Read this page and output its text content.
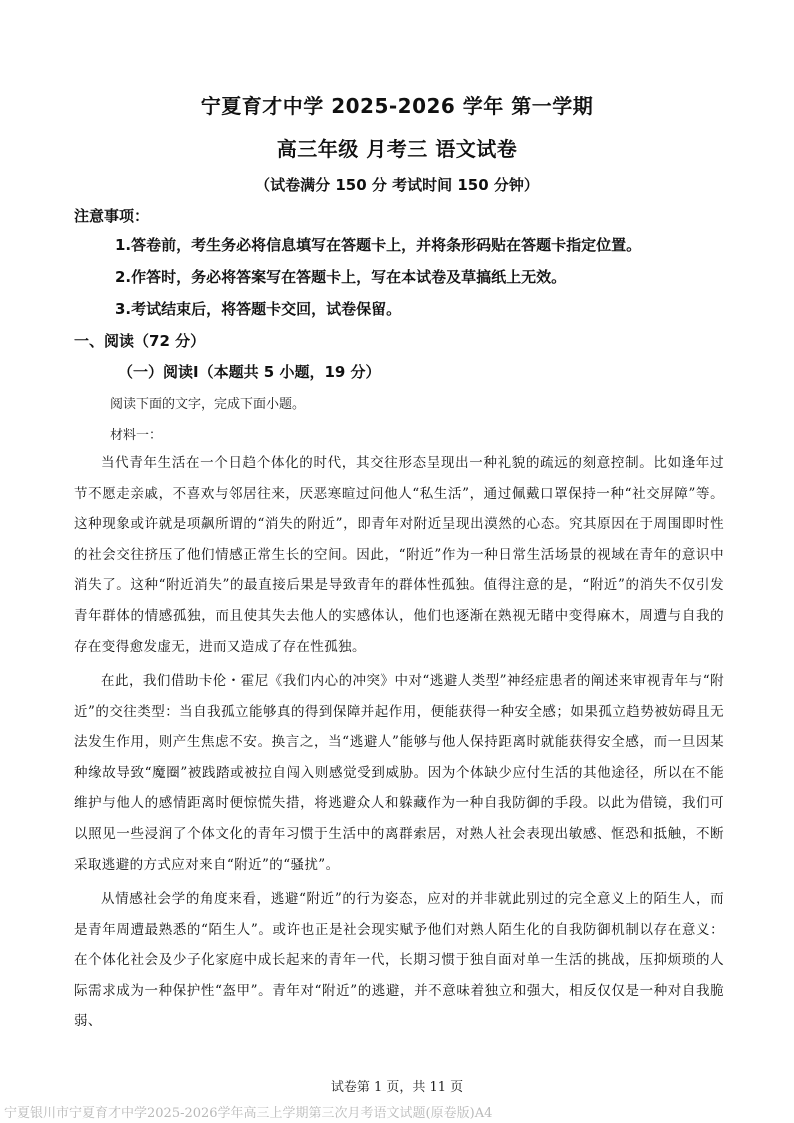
宁夏育才中学 2025-2026 学年 第一学期
高三年级 月考三 语文试卷
（试卷满分 150 分 考试时间 150 分钟）
注意事项：
1.答卷前，考生务必将信息填写在答题卡上，并将条形码贴在答题卡指定位置。
2.作答时，务必将答案写在答题卡上，写在本试卷及草搞纸上无效。
3.考试结束后，将答题卡交回，试卷保留。
一、阅读（72 分）
（一）阅读Ⅰ（本题共 5 小题，19 分）
阅读下面的文字，完成下面小题。
材料一：

当代青年生活在一个日趋个体化的时代，其交往形态呈现出一种礼貌的疏远的刻意控制。比如逢年过节不愿走亲戚，不喜欢与邻居往来，厌恶寒暄过问他人“私生活”，通过佩戴口罩保持一种“社交屏障”等。这种现象或许就是项飙所谓的“消失的附近”，即青年对附近呈现出漠然的心态。究其原因在于周围即时性的社会交往挤压了他们情感正常生长的空间。因此，“附近”作为一种日常生活场景的视域在青年的意识中消失了。这种“附近消失”的最直接后果是导致青年的群体性孤独。值得注意的是，“附近”的消失不仅引发青年群体的情感孤独，而且使其失去他人的实感体认，他们也逐渐在熟视无睹中变得麻木，周遭与自我的存在变得愈发虚无，进而又造成了存在性孤独。

在此，我们借助卡伦・霍尼《我们内心的冲突》中对“逃避人类型”神经症患者的阐述来审视青年与“附近”的交往类型：当自我孤立能够真的得到保障并起作用，便能获得一种安全感；如果孤立趋势被妨碍且无法发生作用，则产生焦虑不安。换言之，当“逃避人”能够与他人保持距离时就能获得安全感，而一旦因某种缘故导致“魔圈”被践踏或被拉自闯入则感觉受到威胁。因为个体缺少应付生活的其他途径，所以在不能维护与他人的感情距离时便惊慌失措，将逃避众人和躲藏作为一种自我防御的手段。以此为借镜，我们可以照见一些浸润了个体文化的青年习惯于生活中的离群索居，对熟人社会表现出敏感、恇恐和抵触，不断采取逃避的方式应对来自“附近”的“骚扰”。

从情感社会学的角度来看，逃避“附近”的行为姿态，应对的并非就此别过的完全意义上的陌生人，而是青年周遭最熟悉的“陌生人”。或许也正是社会现实赋予他们对熟人陌生化的自我防御机制以存在意义：在个体化社会及少子化家庭中成长起来的青年一代，长期习惯于独自面对单一生活的挑战，压抑烦琐的人际需求成为一种保护性“盔甲”。青年对“附近”的逃避，并不意味着独立和强大，相反仅仅是一种对自我脆弱、

试卷第 1 页，共 11 页
宁夏银川市宁夏育才中学2025-2026学年高三上学期第三次月考语文试题(原卷版)A4
